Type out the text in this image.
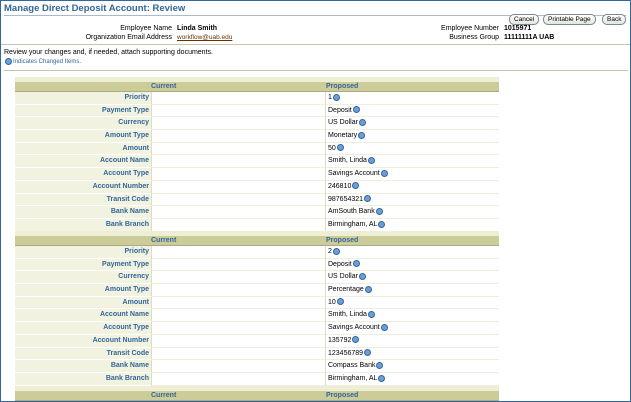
Manage Direct Deposit Account: Review
Cancel	Printable Page	Back
Employee Name Linda Smith
Organization Email Address workflow@uab.edu
Employee Number 1015971
Business Group 11111111A UAB
Review your changes and, if needed, attach supporting documents.
Indicates Changed Items.
Current	Proposed
Priority	1
Payment Type	Deposit
Currency	US Dollar
Amount Type	Monetary
Amount	50
Account Name	Smith, Linda
Account Type	Savings Account
Account Number	246810
Transit Code	987654321
Bank Name	AmSouth Bank
Bank Branch	Birmingham, AL
Current	Proposed
Priority	2
Payment Type	Deposit
Currency	US Dollar
Amount Type	Percentage
Amount	10
Account Name	Smith, Linda
Account Type	Savings Account
Account Number	135792
Transit Code	123456789
Bank Name	Compass Bank
Bank Branch	Birmingham, AL
Current	Proposed
